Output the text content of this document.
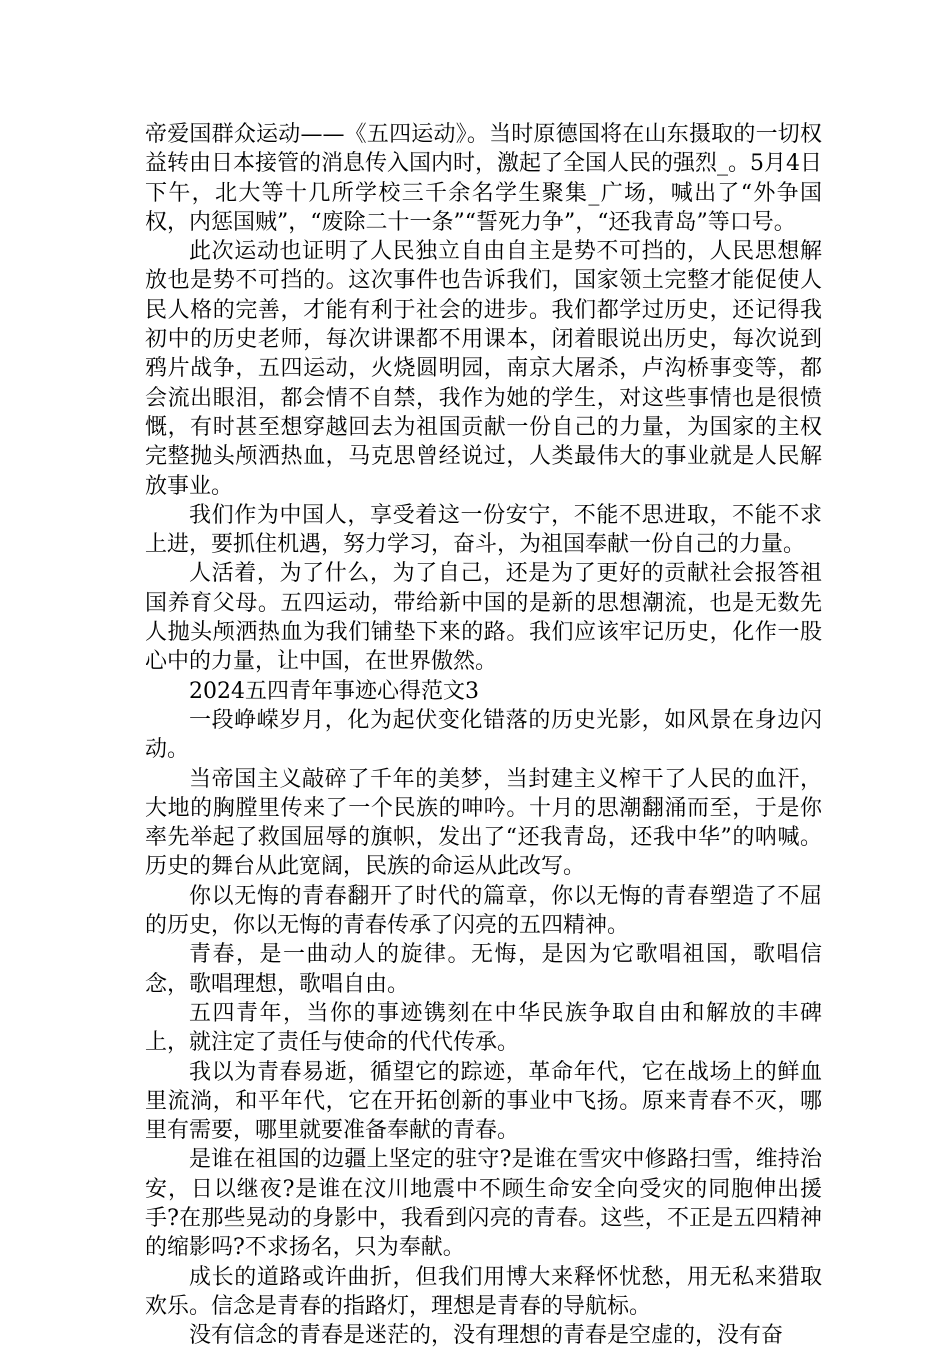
帝爱国群众运动——《五四运动》。当时原德国将在山东摄取的一切权益转由日本接管的消息传入国内时，激起了全国人民的强烈_。5月4日下午，北大等十几所学校三千余名学生聚集_广场，喊出了“外争国权，内惩国贼”，“废除二十一条”“誓死力争”，“还我青岛”等口号。

此次运动也证明了人民独立自由自主是势不可挡的，人民思想解放也是势不可挡的。这次事件也告诉我们，国家领土完整才能促使人民人格的完善，才能有利于社会的进步。我们都学过历史，还记得我初中的历史老师，每次讲课都不用课本，闭着眼说出历史，每次说到鸦片战争，五四运动，火烧圆明园，南京大屠杀，卢沟桥事变等，都会流出眼泪，都会情不自禁，我作为她的学生，对这些事情也是很愤慨，有时甚至想穿越回去为祖国贡献一份自己的力量，为国家的主权完整抛头颅洒热血，马克思曾经说过，人类最伟大的事业就是人民解放事业。

我们作为中国人，享受着这一份安宁，不能不思进取，不能不求上进，要抓住机遇，努力学习，奋斗，为祖国奉献一份自己的力量。

人活着，为了什么，为了自己，还是为了更好的贡献社会报答祖国养育父母。五四运动，带给新中国的是新的思想潮流，也是无数先人抛头颅洒热血为我们铺垫下来的路。我们应该牢记历史，化作一股心中的力量，让中国，在世界傲然。

2024五四青年事迹心得范文3

一段峥嵘岁月，化为起伏变化错落的历史光影，如风景在身边闪动。

当帝国主义敲碎了千年的美梦，当封建主义榨干了人民的血汗，大地的胸膛里传来了一个民族的呻吟。十月的思潮翻涌而至，于是你率先举起了救国屈辱的旗帜，发出了“还我青岛，还我中华”的呐喊。历史的舞台从此宽阔，民族的命运从此改写。

你以无悔的青春翻开了时代的篇章，你以无悔的青春塑造了不屈的历史，你以无悔的青春传承了闪亮的五四精神。

青春，是一曲动人的旋律。无悔，是因为它歌唱祖国，歌唱信念，歌唱理想，歌唱自由。

五四青年，当你的事迹镌刻在中华民族争取自由和解放的丰碑上，就注定了责任与使命的代代传承。

我以为青春易逝，循望它的踪迹，革命年代，它在战场上的鲜血里流淌，和平年代，它在开拓创新的事业中飞扬。原来青春不灭，哪里有需要，哪里就要准备奉献的青春。

是谁在祖国的边疆上坚定的驻守?是谁在雪灾中修路扫雪，维持治安，日以继夜?是谁在汶川地震中不顾生命安全向受灾的同胞伸出援手?在那些晃动的身影中，我看到闪亮的青春。这些，不正是五四精神的缩影吗?不求扬名，只为奉献。

成长的道路或许曲折，但我们用博大来释怀忧愁，用无私来猎取欢乐。信念是青春的指路灯，理想是青春的导航标。

没有信念的青春是迷茫的，没有理想的青春是空虚的，没有奋
